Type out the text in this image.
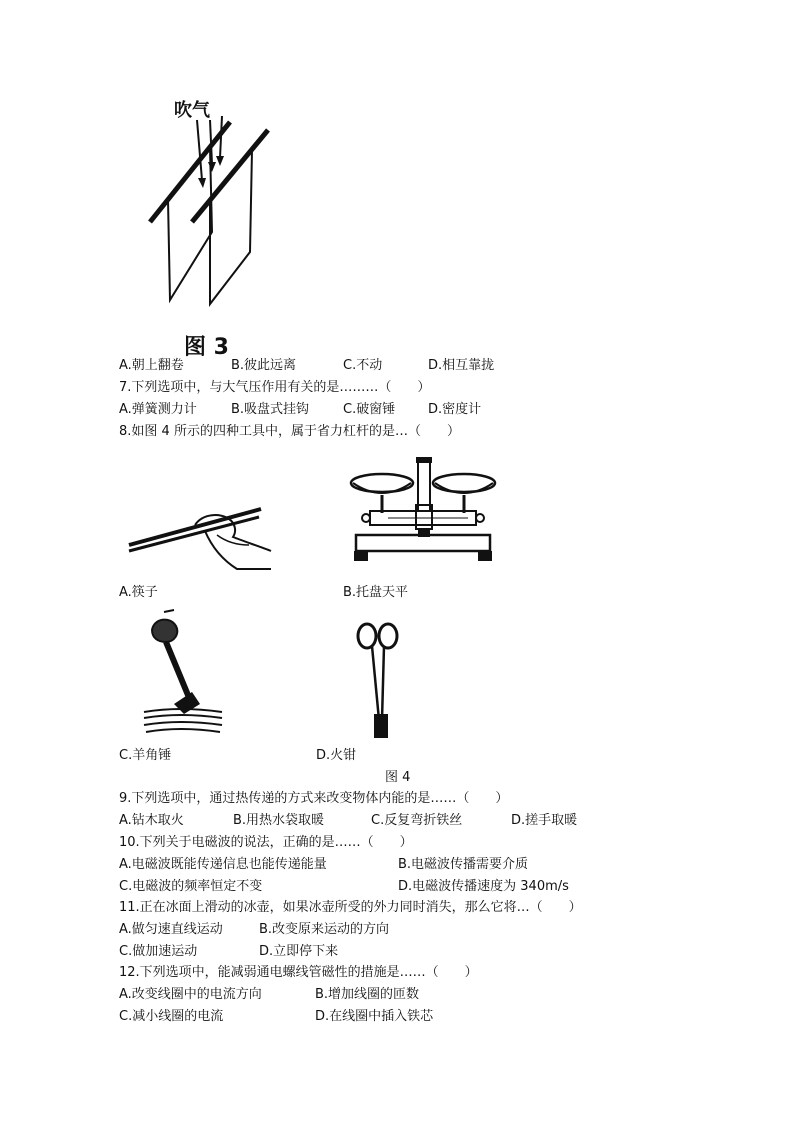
吹气
图 3
A.朝上翻卷	B.彼此远离	C.不动	D.相互靠拢
7.下列选项中，与大气压作用有关的是………（　　）
A.弹簧测力计	B.吸盘式挂钩	C.破窗锤	D.密度计
8.如图 4 所示的四种工具中，属于省力杠杆的是…（　　）
A.筷子	B.托盘天平
C.羊角锤	D.火钳
图 4
9.下列选项中，通过热传递的方式来改变物体内能的是……（　　）
A.钻木取火	B.用热水袋取暖	C.反复弯折铁丝	D.搓手取暖
10.下列关于电磁波的说法，正确的是……（　　）
A.电磁波既能传递信息也能传递能量	B.电磁波传播需要介质
C.电磁波的频率恒定不变	D.电磁波传播速度为 340m/s
11.正在冰面上滑动的冰壶，如果冰壶所受的外力同时消失，那么它将…（　　）
A.做匀速直线运动	B.改变原来运动的方向
C.做加速运动	D.立即停下来
12.下列选项中，能减弱通电螺线管磁性的措施是……（　　）
A.改变线圈中的电流方向	B.增加线圈的匝数
C.减小线圈的电流	D.在线圈中插入铁芯
